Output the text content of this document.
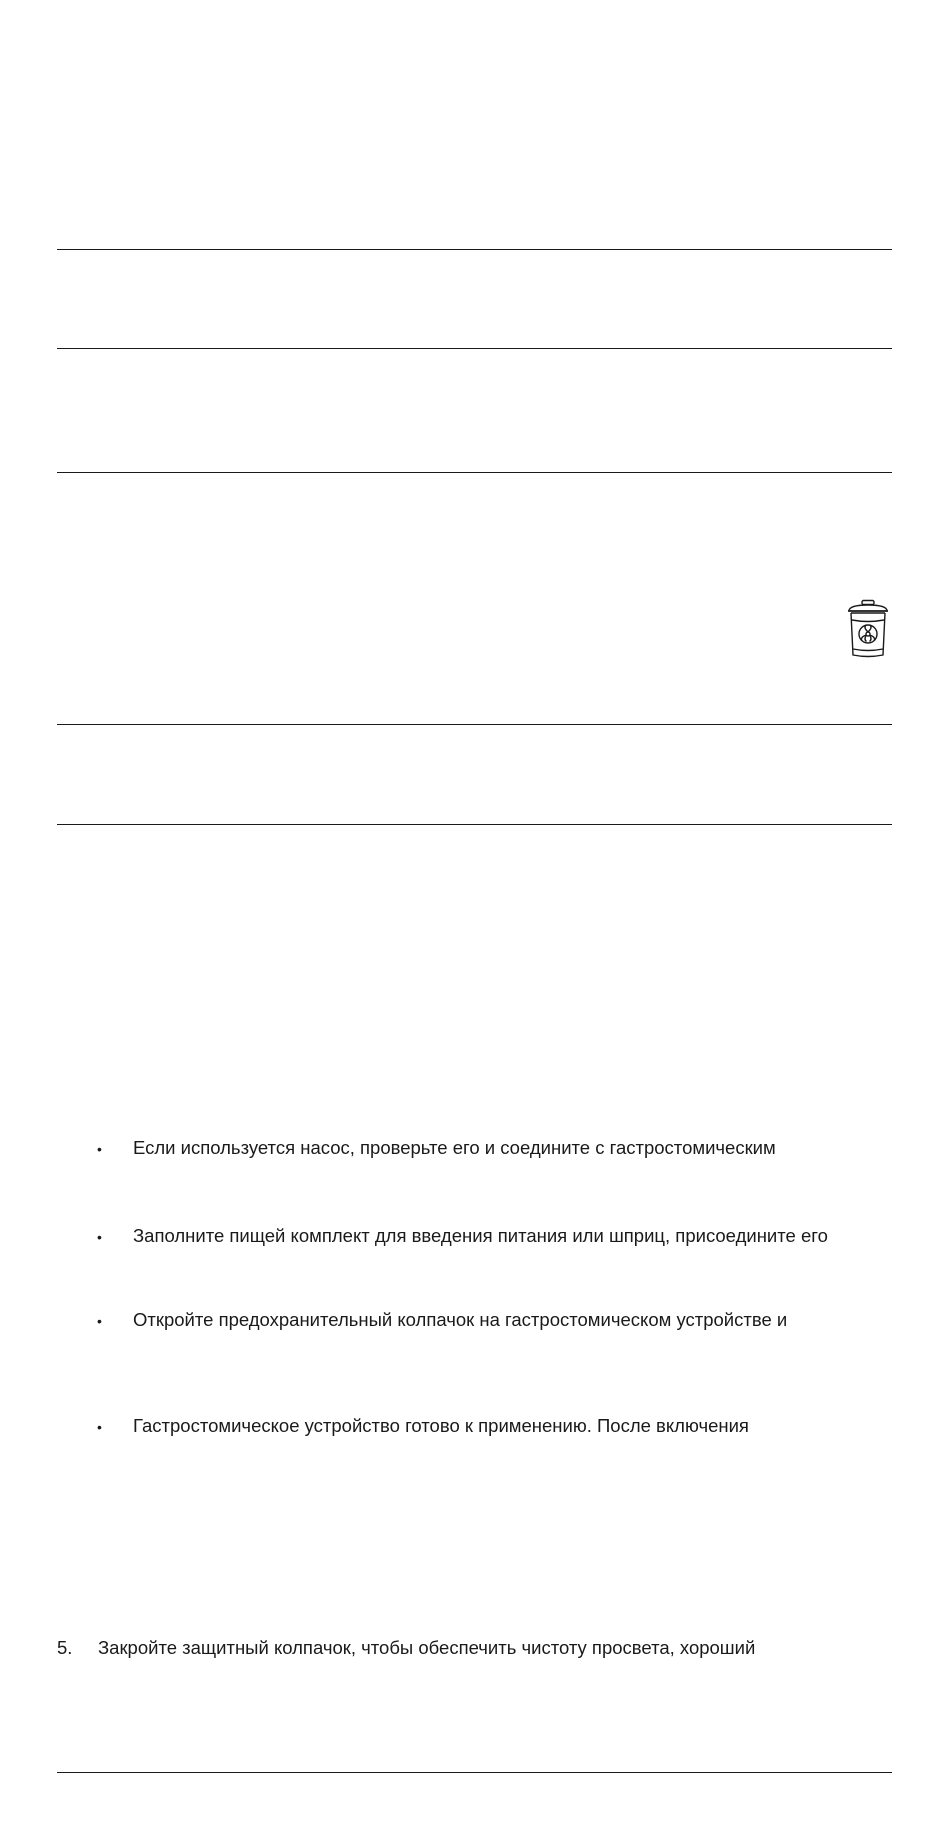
• Если используется насос, проверьте его и соедините с гастростомическим
• Заполните пищей комплект для введения питания или шприц, присоедините его
• Откройте предохранительный колпачок на гастростомическом устройстве и
• Гастростомическое устройство готово к применению. После включения
5. Закройте защитный колпачок, чтобы обеспечить чистоту просвета, хороший
